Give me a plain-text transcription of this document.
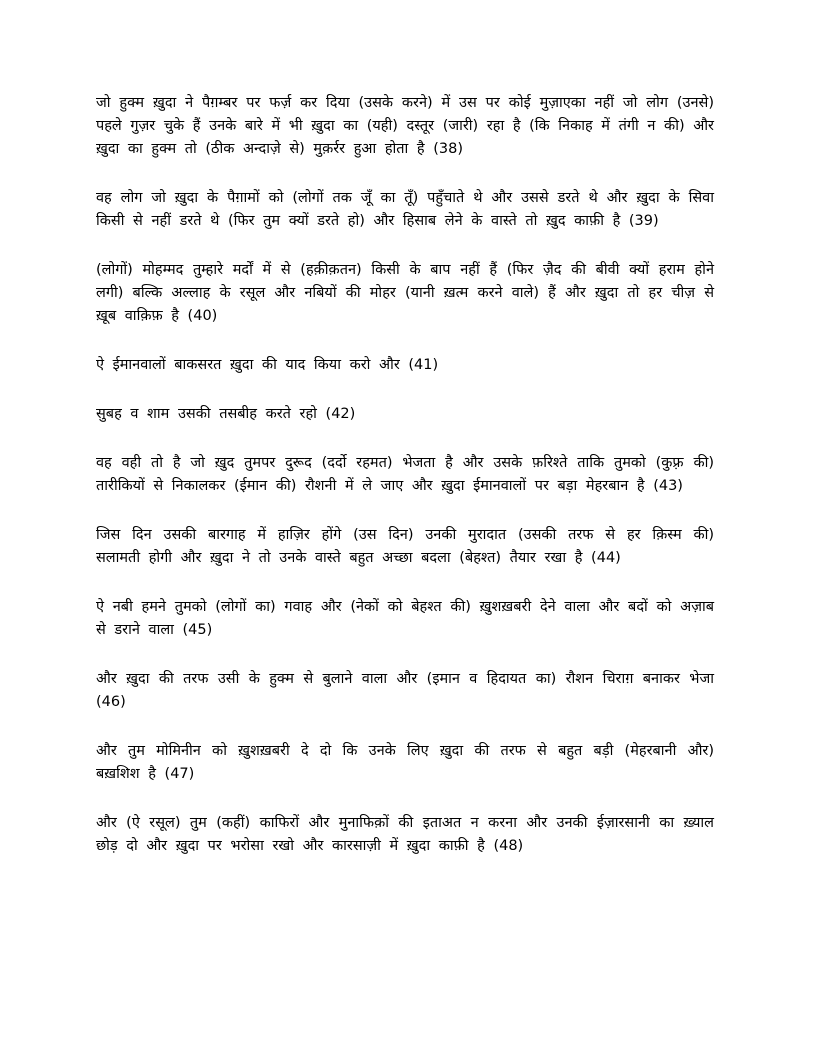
जो हुक्म ख़ुदा ने पैग़म्बर पर फर्ज़ कर दिया (उसके करने) में उस पर कोई मुज़ाएका नहीं जो लोग (उनसे) पहले गुज़र चुके हैं उनके बारे में भी ख़ुदा का (यही) दस्तूर (जारी) रहा है (कि निकाह में तंगी न की) और ख़ुदा का हुक्म तो (ठीक अन्दाज़े से) मुक़र्रर हुआ होता है (38)

वह लोग जो ख़ुदा के पैग़ामों को (लोगों तक जूँ का तूँ) पहुँचाते थे और उससे डरते थे और ख़ुदा के सिवा किसी से नहीं डरते थे (फिर तुम क्यों डरते हो) और हिसाब लेने के वास्ते तो ख़ुद काफ़ी है (39)

(लोगों) मोहम्मद तुम्हारे मर्दों में से (हक़ीक़तन) किसी के बाप नहीं हैं (फिर ज़ैद की बीवी क्यों हराम होने लगी) बल्कि अल्लाह के रसूल और नबियों की मोहर (यानी ख़त्म करने वाले) हैं और ख़ुदा तो हर चीज़ से ख़ूब वाक़िफ़ है (40)

ऐ ईमानवालों बाकसरत ख़ुदा की याद किया करो और (41)

सुबह व शाम उसकी तसबीह करते रहो (42)

वह वही तो है जो ख़ुद तुमपर दुरूद (दर्दो रहमत) भेजता है और उसके फ़रिश्ते ताकि तुमको (कुफ़्र की) तारीकियों से निकालकर (ईमान की) रौशनी में ले जाए और ख़ुदा ईमानवालों पर बड़ा मेहरबान है (43)

जिस दिन उसकी बारगाह में हाज़िर होंगे (उस दिन) उनकी मुरादात (उसकी तरफ से हर क़िस्म की) सलामती होगी और ख़ुदा ने तो उनके वास्ते बहुत अच्छा बदला (बेहश्त) तैयार रखा है (44)

ऐ नबी हमने तुमको (लोगों का) गवाह और (नेकों को बेहश्त की) ख़ुशख़बरी देने वाला और बदों को अज़ाब से डराने वाला (45)

और ख़ुदा की तरफ उसी के हुक्म से बुलाने वाला और (इमान व हिदायत का) रौशन चिराग़ बनाकर भेजा (46)

और तुम मोमिनीन को ख़ुशख़बरी दे दो कि उनके लिए ख़ुदा की तरफ से बहुत बड़ी (मेहरबानी और) बख़शिश है (47)

और (ऐ रसूल) तुम (कहीं) काफिरों और मुनाफिक़ों की इताअत न करना और उनकी ईज़ारसानी का ख़्याल छोड़ दो और ख़ुदा पर भरोसा रखो और कारसाज़ी में ख़ुदा काफ़ी है (48)
